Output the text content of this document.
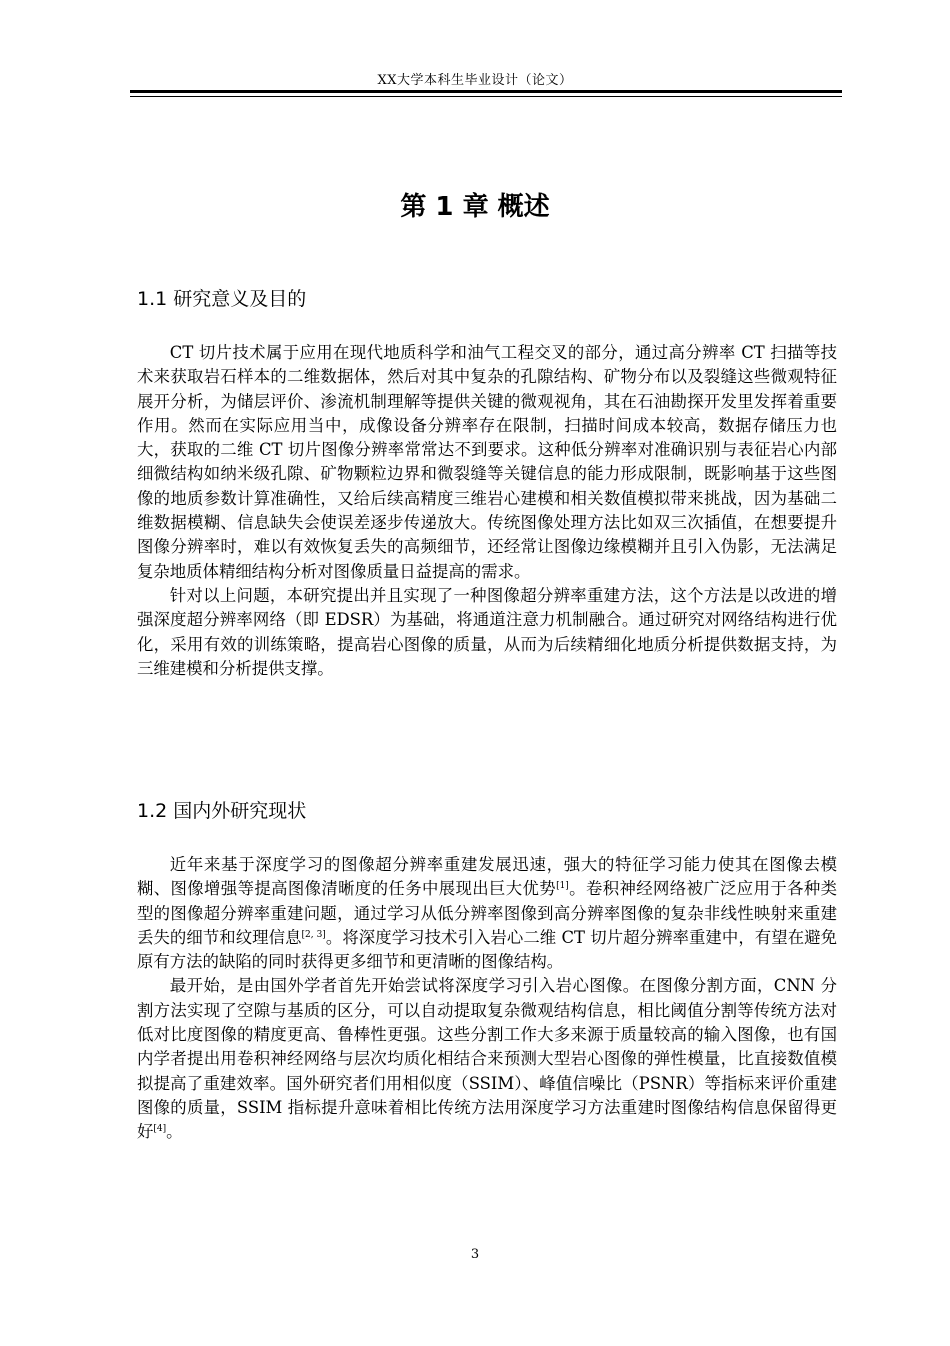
XX大学本科生毕业设计（论文）
第 1 章 概述
1.1 研究意义及目的

CT 切片技术属于应用在现代地质科学和油气工程交叉的部分，通过高分辨率 CT 扫描等技术来获取岩石样本的二维数据体，然后对其中复杂的孔隙结构、矿物分布以及裂缝这些微观特征展开分析，为储层评价、渗流机制理解等提供关键的微观视角，其在石油勘探开发里发挥着重要作用。然而在实际应用当中，成像设备分辨率存在限制，扫描时间成本较高，数据存储压力也大，获取的二维 CT 切片图像分辨率常常达不到要求。这种低分辨率对准确识别与表征岩心内部细微结构如纳米级孔隙、矿物颗粒边界和微裂缝等关键信息的能力形成限制，既影响基于这些图像的地质参数计算准确性，又给后续高精度三维岩心建模和相关数值模拟带来挑战，因为基础二维数据模糊、信息缺失会使误差逐步传递放大。传统图像处理方法比如双三次插值，在想要提升图像分辨率时，难以有效恢复丢失的高频细节，还经常让图像边缘模糊并且引入伪影，无法满足复杂地质体精细结构分析对图像质量日益提高的需求。

针对以上问题，本研究提出并且实现了一种图像超分辨率重建方法，这个方法是以改进的增强深度超分辨率网络（即 EDSR）为基础，将通道注意力机制融合。通过研究对网络结构进行优化，采用有效的训练策略，提高岩心图像的质量，从而为后续精细化地质分析提供数据支持，为三维建模和分析提供支撑。

1.2 国内外研究现状

近年来基于深度学习的图像超分辨率重建发展迅速，强大的特征学习能力使其在图像去模糊、图像增强等提高图像清晰度的任务中展现出巨大优势[1]。卷积神经网络被广泛应用于各种类型的图像超分辨率重建问题，通过学习从低分辨率图像到高分辨率图像的复杂非线性映射来重建丢失的细节和纹理信息[2, 3]。将深度学习技术引入岩心二维 CT 切片超分辨率重建中，有望在避免原有方法的缺陷的同时获得更多细节和更清晰的图像结构。

最开始，是由国外学者首先开始尝试将深度学习引入岩心图像。在图像分割方面，CNN 分割方法实现了空隙与基质的区分，可以自动提取复杂微观结构信息，相比阈值分割等传统方法对低对比度图像的精度更高、鲁棒性更强。这些分割工作大多来源于质量较高的输入图像，也有国内学者提出用卷积神经网络与层次均质化相结合来预测大型岩心图像的弹性模量，比直接数值模拟提高了重建效率。国外研究者们用相似度（SSIM）、峰值信噪比（PSNR）等指标来评价重建图像的质量，SSIM 指标提升意味着相比传统方法用深度学习方法重建时图像结构信息保留得更好[4]。

3
